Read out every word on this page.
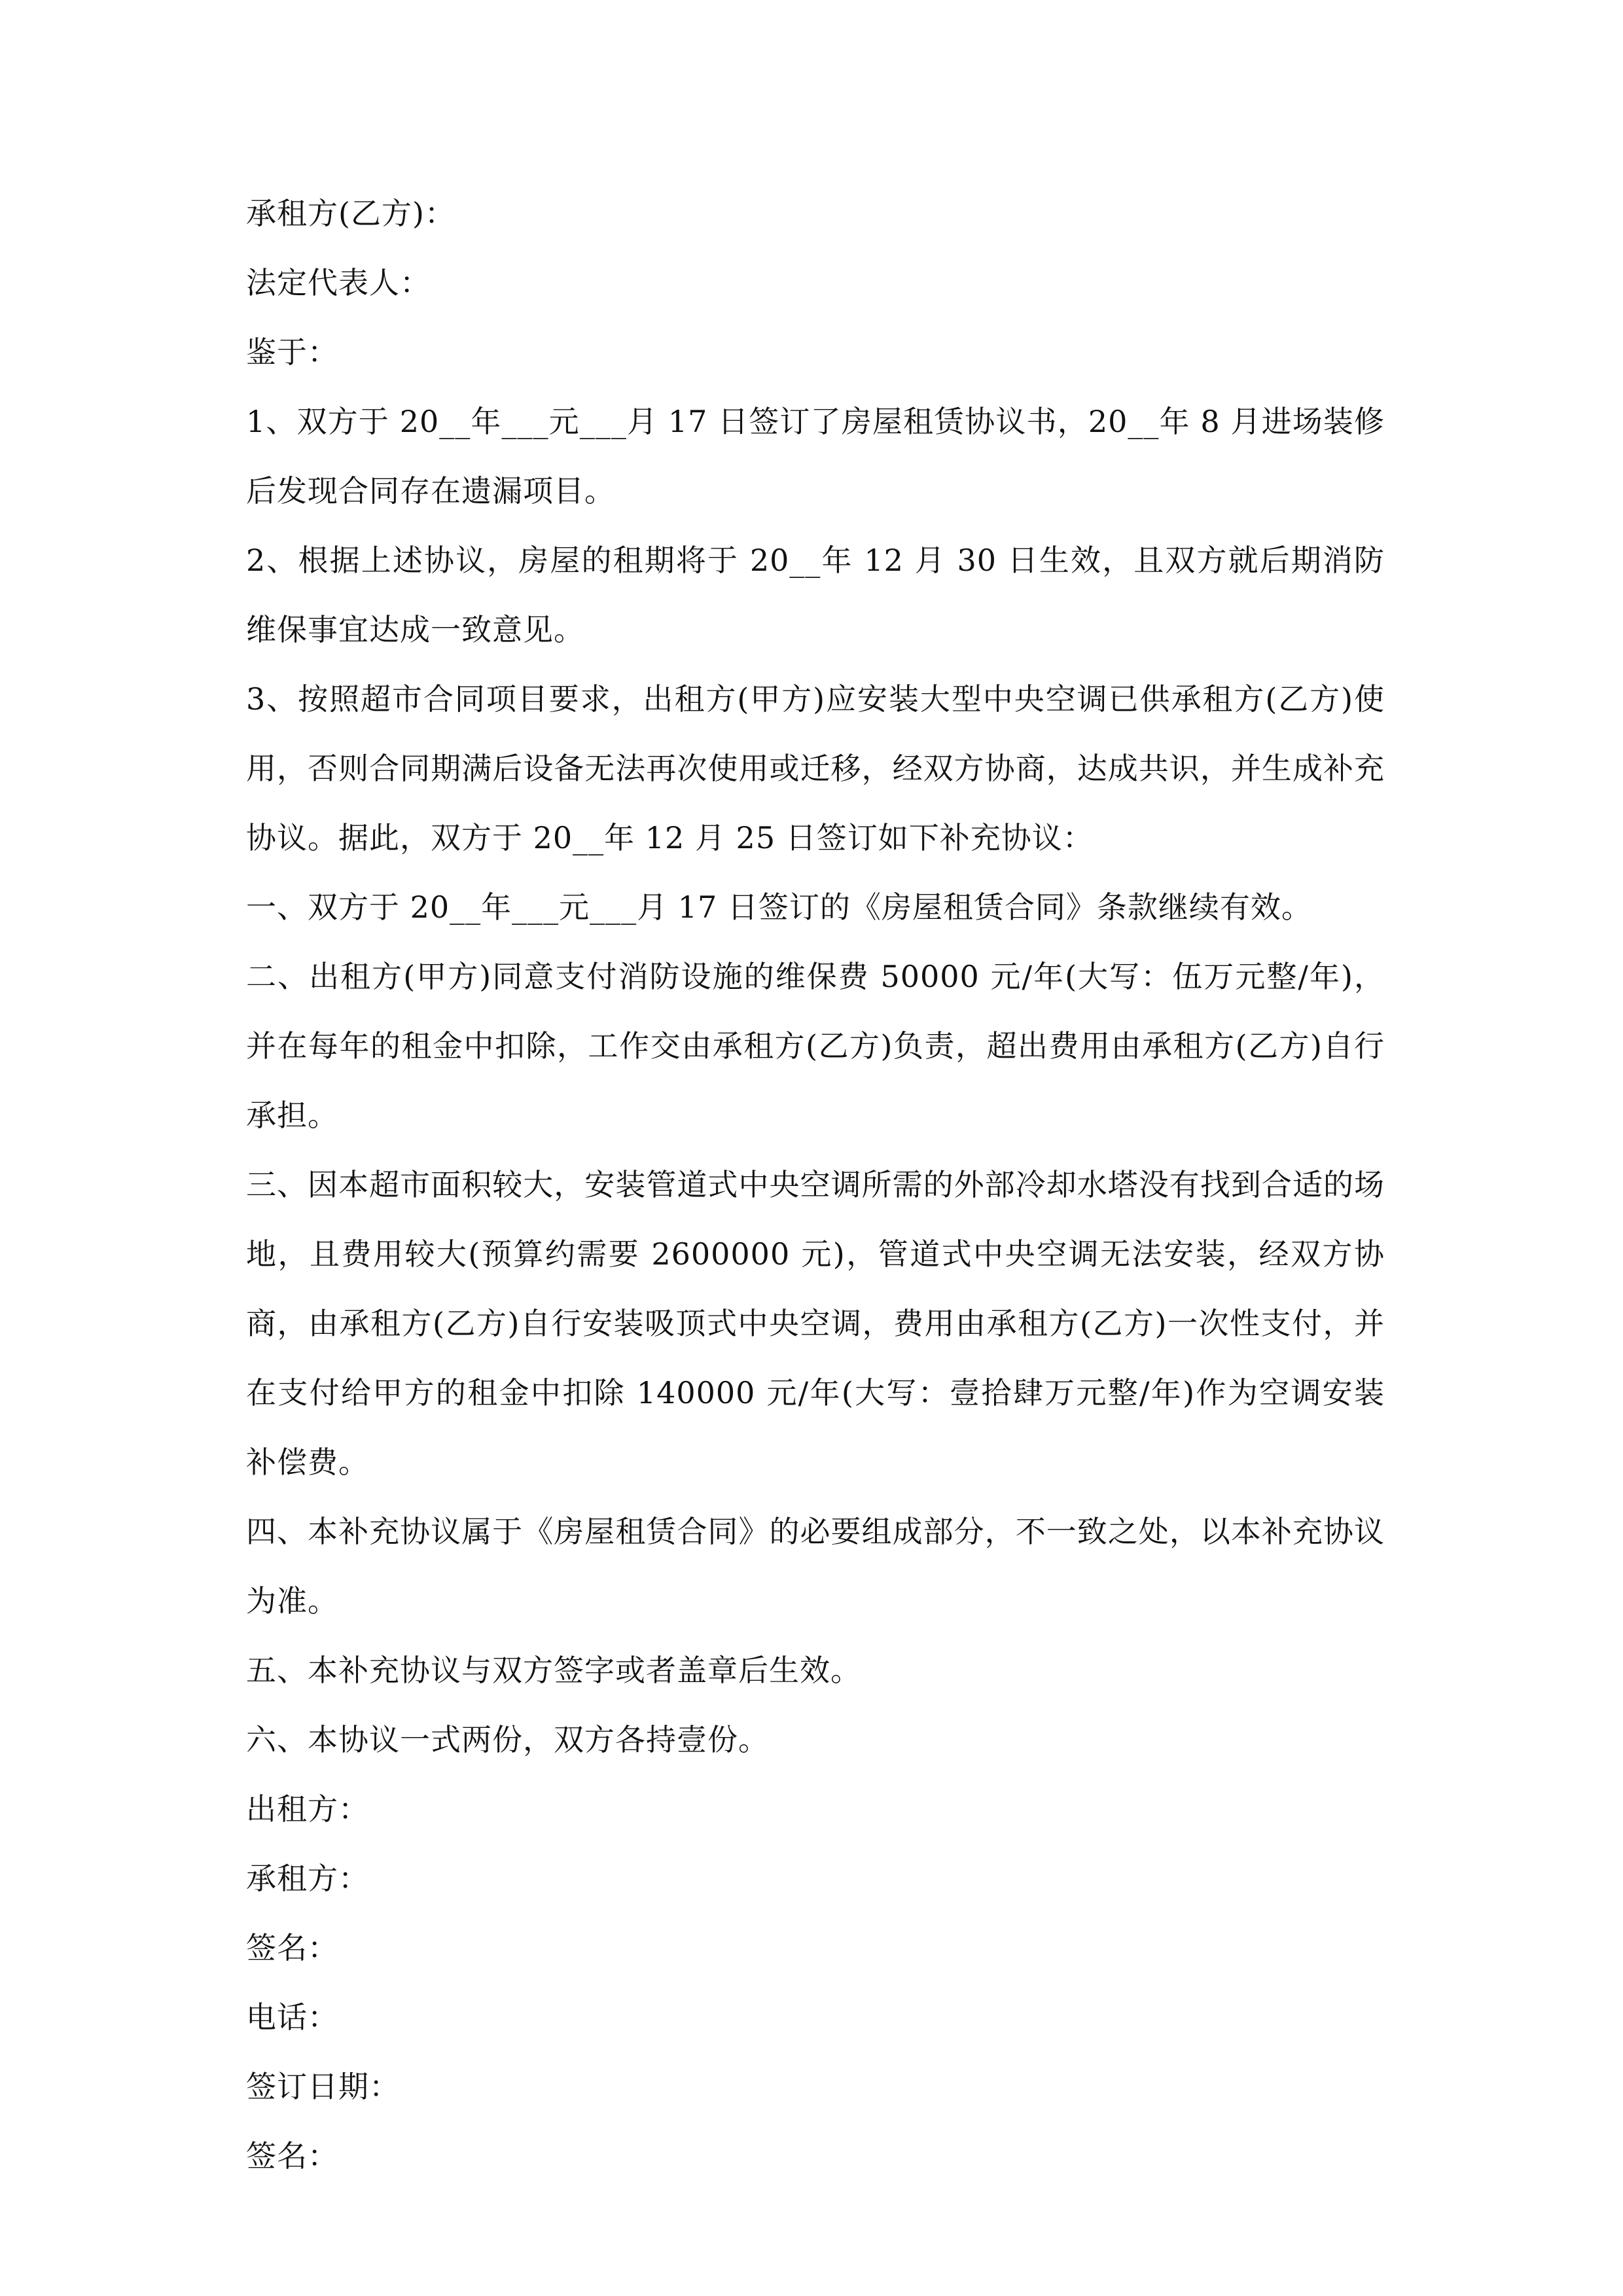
承租方(乙方)：

法定代表人：

鉴于：

1、双方于 20__年___元___月 17 日签订了房屋租赁协议书，20__年 8 月进场装修后发现合同存在遗漏项目。

2、根据上述协议，房屋的租期将于 20__年 12 月 30 日生效，且双方就后期消防维保事宜达成一致意见。

3、按照超市合同项目要求，出租方(甲方)应安装大型中央空调已供承租方(乙方)使用，否则合同期满后设备无法再次使用或迁移，经双方协商，达成共识，并生成补充协议。据此，双方于 20__年 12 月 25 日签订如下补充协议：

一、双方于 20__年___元___月 17 日签订的《房屋租赁合同》条款继续有效。

二、出租方(甲方)同意支付消防设施的维保费 50000 元/年(大写：伍万元整/年)，并在每年的租金中扣除，工作交由承租方(乙方)负责，超出费用由承租方(乙方)自行承担。

三、因本超市面积较大，安装管道式中央空调所需的外部冷却水塔没有找到合适的场地，且费用较大(预算约需要 2600000 元)，管道式中央空调无法安装，经双方协商，由承租方(乙方)自行安装吸顶式中央空调，费用由承租方(乙方)一次性支付，并在支付给甲方的租金中扣除 140000 元/年(大写：壹拾肆万元整/年)作为空调安装补偿费。

四、本补充协议属于《房屋租赁合同》的必要组成部分，不一致之处，以本补充协议为准。

五、本补充协议与双方签字或者盖章后生效。

六、本协议一式两份，双方各持壹份。

出租方：

承租方：

签名：

电话：

签订日期：

签名：
